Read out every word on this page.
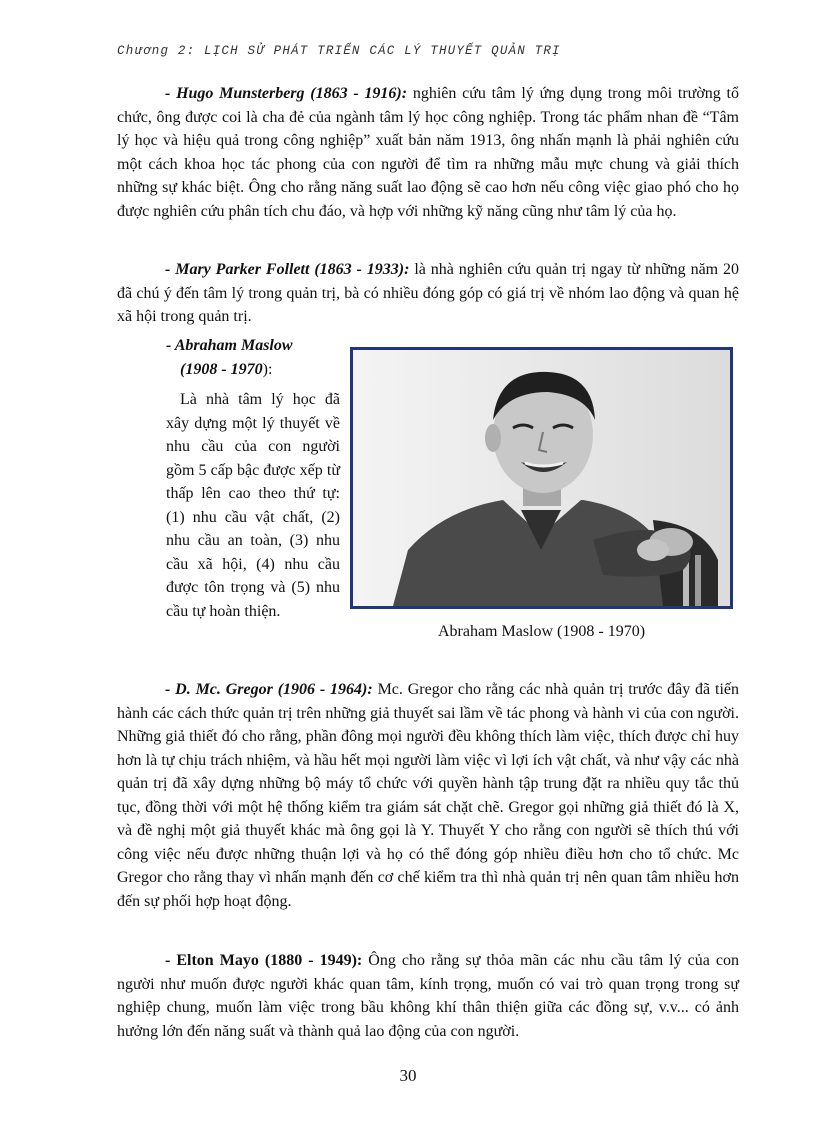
Chương 2: LỊCH SỬ PHÁT TRIỂN CÁC LÝ THUYẾT QUẢN TRỊ

- Hugo Munsterberg (1863 - 1916): nghiên cứu tâm lý ứng dụng trong môi trường tổ chức, ông được coi là cha đẻ của ngành tâm lý học công nghiệp. Trong tác phẩm nhan đề “Tâm lý học và hiệu quả trong công nghiệp” xuất bản năm 1913, ông nhấn mạnh là phải nghiên cứu một cách khoa học tác phong của con người để tìm ra những mẫu mực chung và giải thích những sự khác biệt. Ông cho rằng năng suất lao động sẽ cao hơn nếu công việc giao phó cho họ được nghiên cứu phân tích chu đáo, và hợp với những kỹ năng cũng như tâm lý của họ.

- Mary Parker Follett (1863 - 1933): là nhà nghiên cứu quản trị ngay từ những năm 20 đã chú ý đến tâm lý trong quản trị, bà có nhiều đóng góp có giá trị về nhóm lao động và quan hệ xã hội trong quản trị.

- Abraham Maslow
(1908 - 1970):

Là nhà tâm lý học đã xây dựng một lý thuyết về nhu cầu của con người gồm 5 cấp bậc được xếp từ thấp lên cao theo thứ tự: (1) nhu cầu vật chất, (2) nhu cầu an toàn, (3) nhu cầu xã hội, (4) nhu cầu được tôn trọng và (5) nhu cầu tự hoàn thiện.

Abraham Maslow (1908 - 1970)

- D. Mc. Gregor (1906 - 1964): Mc. Gregor cho rằng các nhà quản trị trước đây đã tiến hành các cách thức quản trị trên những giả thuyết sai lầm về tác phong và hành vi của con người. Những giả thiết đó cho rằng, phần đông mọi người đều không thích làm việc, thích được chỉ huy hơn là tự chịu trách nhiệm, và hầu hết mọi người làm việc vì lợi ích vật chất, và như vậy các nhà quản trị đã xây dựng những bộ máy tổ chức với quyền hành tập trung đặt ra nhiều quy tắc thủ tục, đồng thời với một hệ thống kiểm tra giám sát chặt chẽ. Gregor gọi những giả thiết đó là X, và đề nghị một giả thuyết khác mà ông gọi là Y. Thuyết Y cho rằng con người sẽ thích thú với công việc nếu được những thuận lợi và họ có thể đóng góp nhiều điều hơn cho tổ chức. Mc Gregor cho rằng thay vì nhấn mạnh đến cơ chế kiểm tra thì nhà quản trị nên quan tâm nhiều hơn đến sự phối hợp hoạt động.

- Elton Mayo (1880 - 1949): Ông cho rằng sự thỏa mãn các nhu cầu tâm lý của con người như muốn được người khác quan tâm, kính trọng, muốn có vai trò quan trọng trong sự nghiệp chung, muốn làm việc trong bầu không khí thân thiện giữa các đồng sự, v.v... có ảnh hưởng lớn đến năng suất và thành quả lao động của con người.

30
